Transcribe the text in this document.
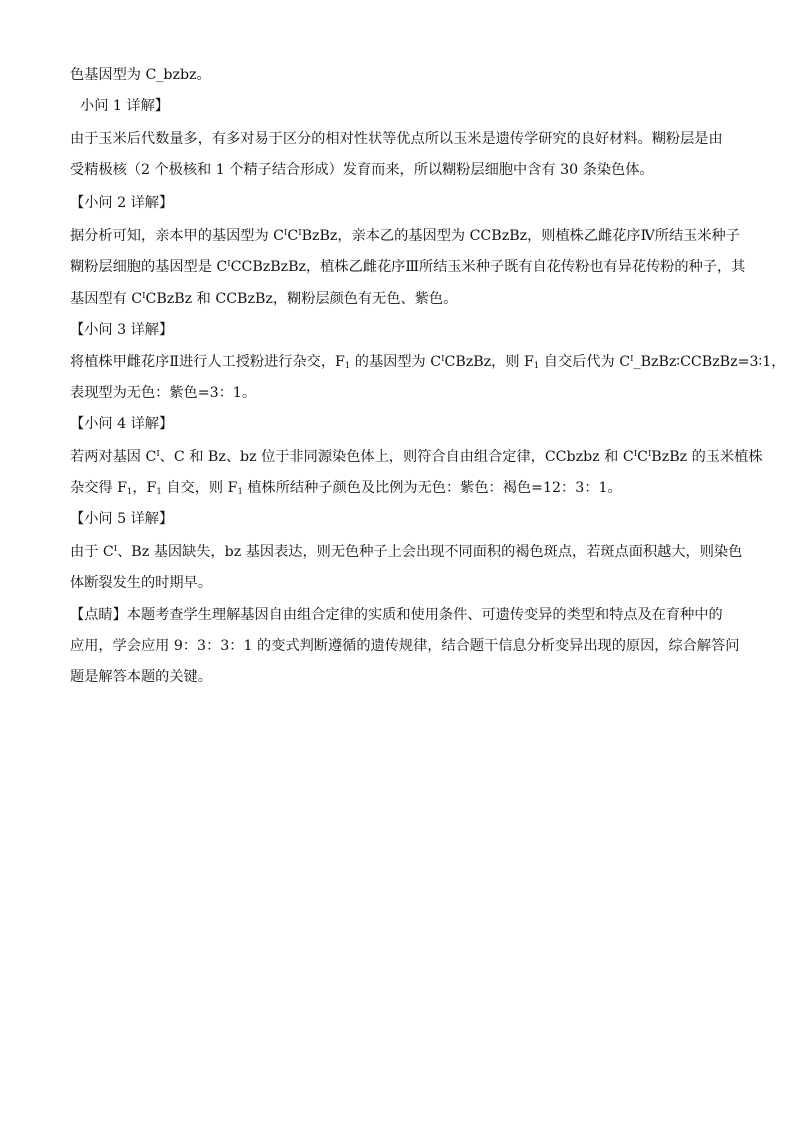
色基因型为 C_bzbz。
小问 1 详解】
由于玉米后代数量多，有多对易于区分的相对性状等优点所以玉米是遗传学研究的良好材料。糊粉层是由
受精极核（2 个极核和 1 个精子结合形成）发育而来，所以糊粉层细胞中含有 30 条染色体。
【小问 2 详解】
据分析可知，亲本甲的基因型为 $C^IC^IBzBz$，亲本乙的基因型为 CCBzBz，则植株乙雌花序Ⅳ所结玉米种子
糊粉层细胞的基因型是 $C^ICCBzBzBz$，植株乙雌花序Ⅲ所结玉米种子既有自花传粉也有异花传粉的种子，其
基因型有 $C^ICBzBz$ 和 CCBzBz，糊粉层颜色有无色、紫色。
【小问 3 详解】
将植株甲雌花序Ⅱ进行人工授粉进行杂交，$F_1$ 的基因型为 $C^ICBzBz$，则 $F_1$ 自交后代为 $C^I\_BzBz∶CCBzBz=3∶1$，
表现型为无色：紫色=3：1。
【小问 4 详解】
若两对基因 $C^I$、C 和 Bz、bz 位于非同源染色体上，则符合自由组合定律，CCbzbz 和 $C^IC^IBzBz$ 的玉米植株
杂交得 $F_1$，$F_1$ 自交，则 $F_1$ 植株所结种子颜色及比例为无色：紫色：褐色=12：3：1。
【小问 5 详解】
由于 $C^I$、Bz 基因缺失，bz 基因表达，则无色种子上会出现不同面积的褐色斑点，若斑点面积越大，则染色
体断裂发生的时期早。
【点睛】本题考查学生理解基因自由组合定律的实质和使用条件、可遗传变异的类型和特点及在育种中的
应用，学会应用 9：3：3：1 的变式判断遵循的遗传规律，结合题干信息分析变异出现的原因，综合解答问
题是解答本题的关键。
